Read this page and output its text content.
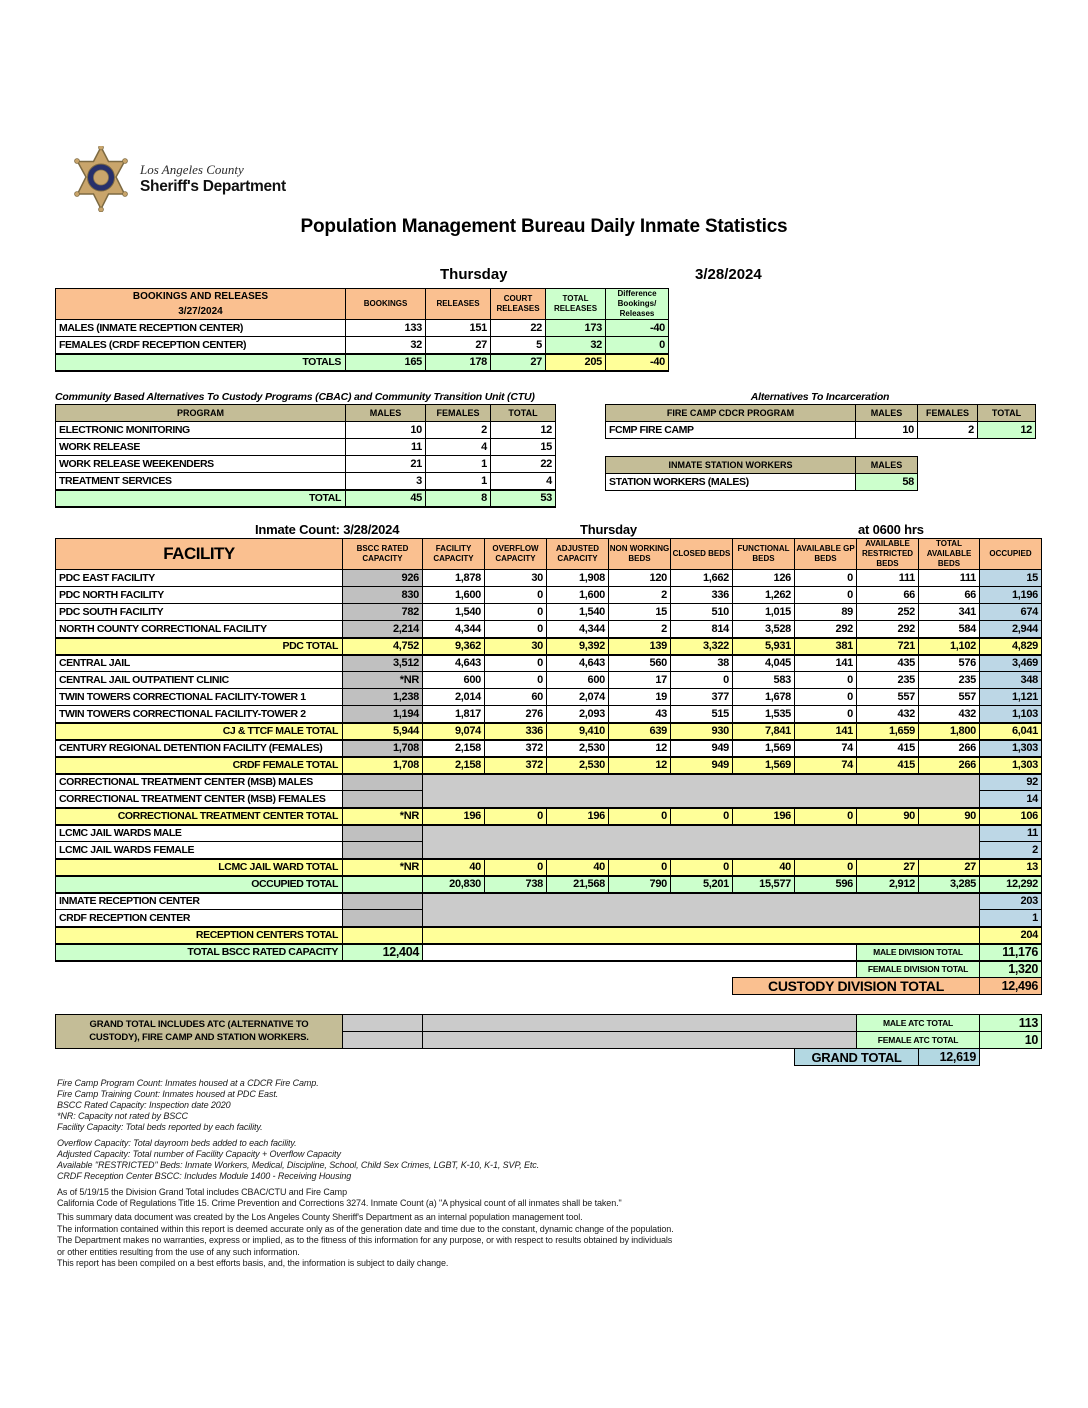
Los Angeles County
Sheriff's Department
Population Management Bureau Daily Inmate Statistics
Thursday	3/28/2024
BOOKINGS AND RELEASES
3/27/2024	BOOKINGS	RELEASES	COURT RELEASES	TOTAL RELEASES	Difference Bookings/ Releases
MALES (INMATE RECEPTION CENTER)	133	151	22	173	-40
FEMALES (CRDF RECEPTION CENTER)	32	27	5	32	0
TOTALS	165	178	27	205	-40
Community Based Alternatives To Custody Programs (CBAC) and Community Transition Unit (CTU)
PROGRAM	MALES	FEMALES	TOTAL
ELECTRONIC MONITORING	10	2	12
WORK RELEASE	11	4	15
WORK RELEASE WEEKENDERS	21	1	22
TREATMENT SERVICES	3	1	4
TOTAL	45	8	53
Alternatives To Incarceration
FIRE CAMP CDCR PROGRAM	MALES	FEMALES	TOTAL
FCMP FIRE CAMP	10	2	12
INMATE STATION WORKERS	MALES
STATION WORKERS (MALES)	58
Inmate Count: 3/28/2024	Thursday	at 0600 hrs
FACILITY	BSCC RATED CAPACITY	FACILITY CAPACITY	OVERFLOW CAPACITY	ADJUSTED CAPACITY	NON WORKING BEDS	CLOSED BEDS	FUNCTIONAL BEDS	AVAILABLE GP BEDS	AVAILABLE RESTRICTED BEDS	TOTAL AVAILABLE BEDS	OCCUPIED
PDC EAST FACILITY	926	1,878	30	1,908	120	1,662	126	0	111	111	15
PDC NORTH FACILITY	830	1,600	0	1,600	2	336	1,262	0	66	66	1,196
PDC SOUTH FACILITY	782	1,540	0	1,540	15	510	1,015	89	252	341	674
NORTH COUNTY CORRECTIONAL FACILITY	2,214	4,344	0	4,344	2	814	3,528	292	292	584	2,944
PDC TOTAL	4,752	9,362	30	9,392	139	3,322	5,931	381	721	1,102	4,829
CENTRAL JAIL	3,512	4,643	0	4,643	560	38	4,045	141	435	576	3,469
CENTRAL JAIL OUTPATIENT CLINIC	*NR	600	0	600	17	0	583	0	235	235	348
TWIN TOWERS CORRECTIONAL FACILITY-TOWER 1	1,238	2,014	60	2,074	19	377	1,678	0	557	557	1,121
TWIN TOWERS CORRECTIONAL FACILITY-TOWER 2	1,194	1,817	276	2,093	43	515	1,535	0	432	432	1,103
CJ & TTCF MALE TOTAL	5,944	9,074	336	9,410	639	930	7,841	141	1,659	1,800	6,041
CENTURY REGIONAL DETENTION FACILITY (FEMALES)	1,708	2,158	372	2,530	12	949	1,569	74	415	266	1,303
CRDF FEMALE TOTAL	1,708	2,158	372	2,530	12	949	1,569	74	415	266	1,303
CORRECTIONAL TREATMENT CENTER (MSB) MALES											92
CORRECTIONAL TREATMENT CENTER (MSB) FEMALES											14
CORRECTIONAL TREATMENT CENTER TOTAL	*NR	196	0	196	0	0	196	0	90	90	106
LCMC JAIL WARDS MALE											11
LCMC JAIL WARDS FEMALE											2
LCMC JAIL WARD TOTAL	*NR	40	0	40	0	0	40	0	27	27	13
OCCUPIED TOTAL		20,830	738	21,568	790	5,201	15,577	596	2,912	3,285	12,292
INMATE RECEPTION CENTER											203
CRDF RECEPTION CENTER											1
RECEPTION CENTERS TOTAL											204
TOTAL BSCC RATED CAPACITY	12,404								MALE DIVISION TOTAL		11,176
									FEMALE DIVISION TOTAL		1,320
							CUSTODY DIVISION TOTAL				12,496
GRAND TOTAL INCLUDES ATC (ALTERNATIVE TO CUSTODY), FIRE CAMP AND STATION WORKERS.				MALE ATC TOTAL		113
				FEMALE ATC TOTAL		10
			GRAND TOTAL		12,619	
Fire Camp Program Count: Inmates housed at a CDCR Fire Camp.
Fire Camp Training Count: Inmates housed at PDC East.
BSCC Rated Capacity: Inspection date 2020
*NR: Capacity not rated by BSCC
Facility Capacity: Total beds reported by each facility.
Overflow Capacity: Total dayroom beds added to each facility.
Adjusted Capacity: Total number of Facility Capacity + Overflow Capacity
Available "RESTRICTED" Beds: Inmate Workers, Medical, Discipline, School, Child Sex Crimes, LGBT, K-10, K-1, SVP, Etc.
CRDF Reception Center BSCC: Includes Module 1400 - Receiving Housing
As of 5/19/15 the Division Grand Total includes CBAC/CTU and Fire Camp
California Code of Regulations Title 15. Crime Prevention and Corrections 3274. Inmate Count (a) "A physical count of all inmates shall be taken."
This summary data document was created by the Los Angeles County Sheriff's Department as an internal population management tool.
The information contained within this report is deemed accurate only as of the generation date and time due to the constant, dynamic change of the population.
The Department makes no warranties, express or implied, as to the fitness of this information for any purpose, or with respect to results obtained by individuals
or other entities resulting from the use of any such information.
This report has been compiled on a best efforts basis, and, the information is subject to daily change.
